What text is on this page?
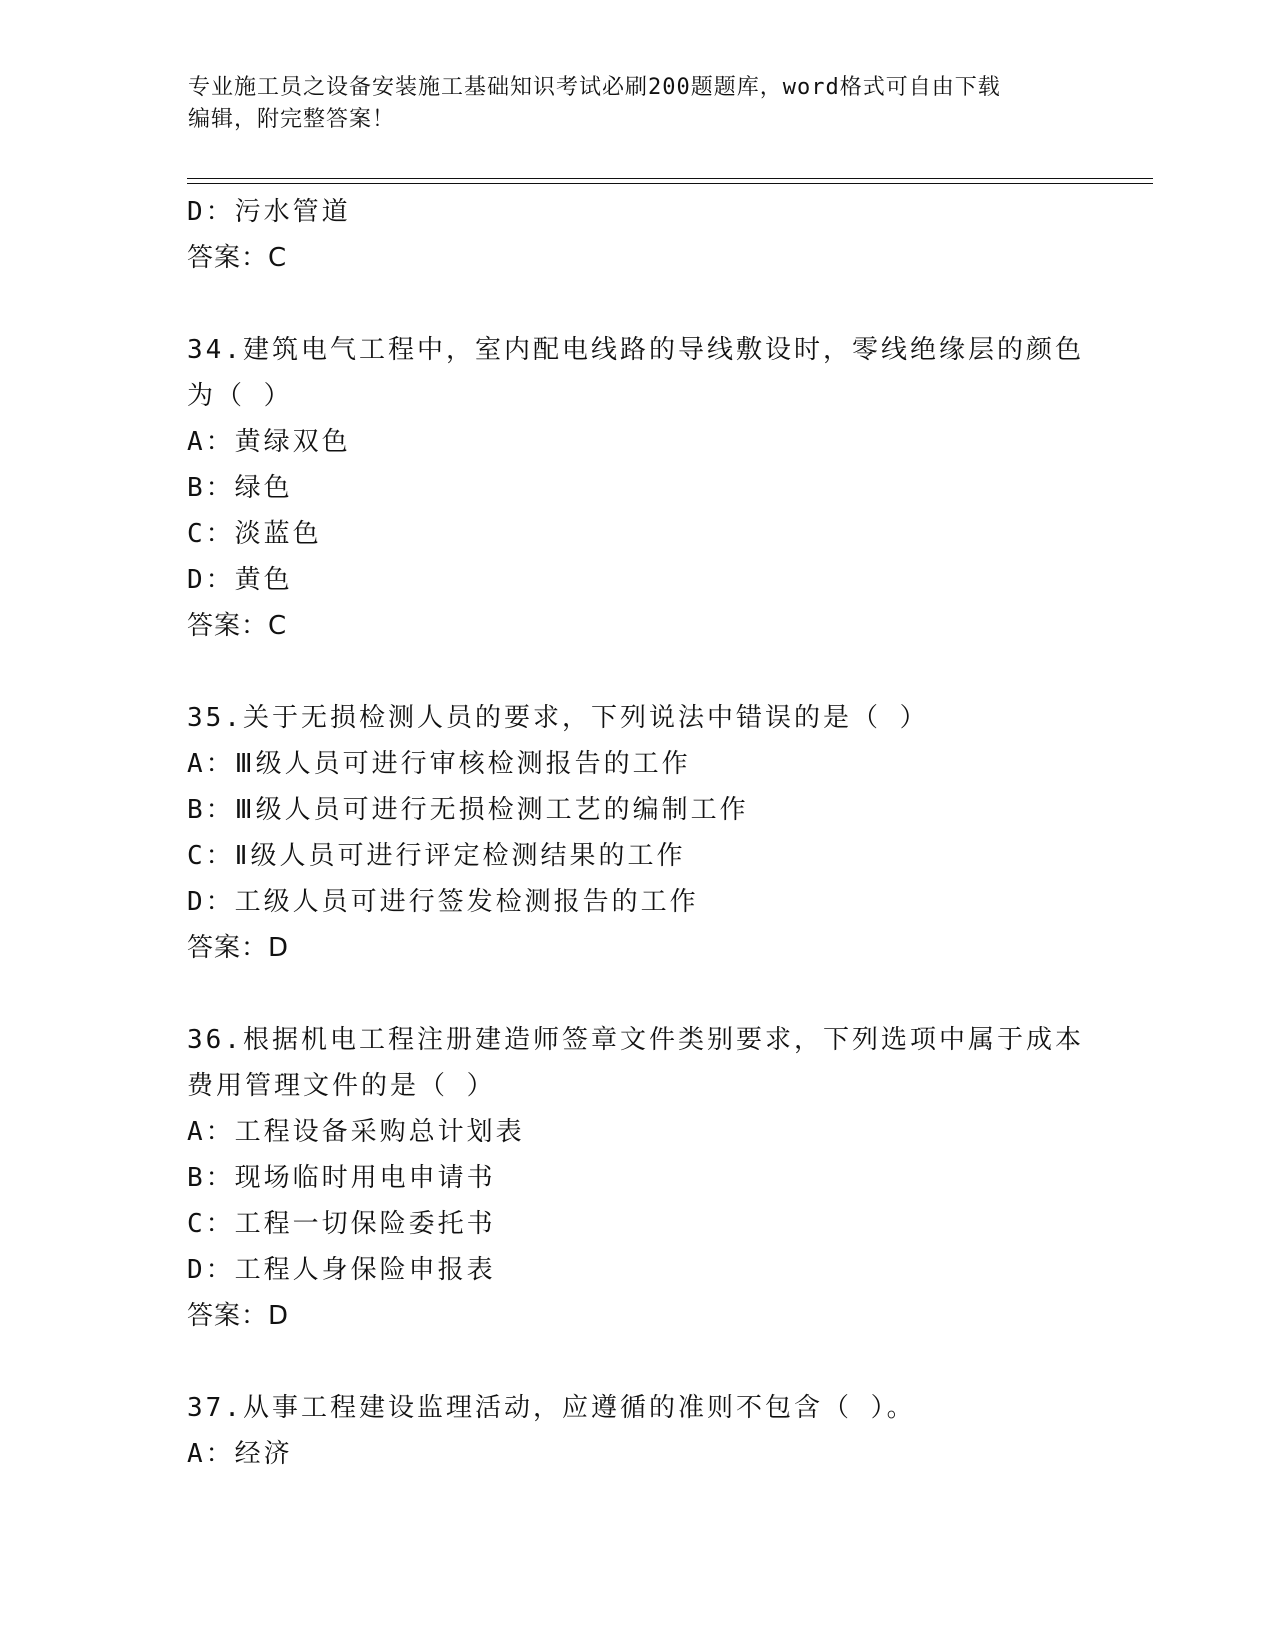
专业施工员之设备安装施工基础知识考试必刷200题题库，word格式可自由下载
编辑，附完整答案！
D：污水管道
答案：C
34.建筑电气工程中，室内配电线路的导线敷设时，零线绝缘层的颜色
为（ ）
A：黄绿双色
B：绿色
C：淡蓝色
D：黄色
答案：C
35.关于无损检测人员的要求，下列说法中错误的是（ ）
A：Ⅲ级人员可进行审核检测报告的工作
B：Ⅲ级人员可进行无损检测工艺的编制工作
C：Ⅱ级人员可进行评定检测结果的工作
D：工级人员可进行签发检测报告的工作
答案：D
36.根据机电工程注册建造师签章文件类别要求，下列选项中属于成本
费用管理文件的是（ ）
A：工程设备采购总计划表
B：现场临时用电申请书
C：工程一切保险委托书
D：工程人身保险申报表
答案：D
37.从事工程建设监理活动，应遵循的准则不包含（ ）。
A：经济
